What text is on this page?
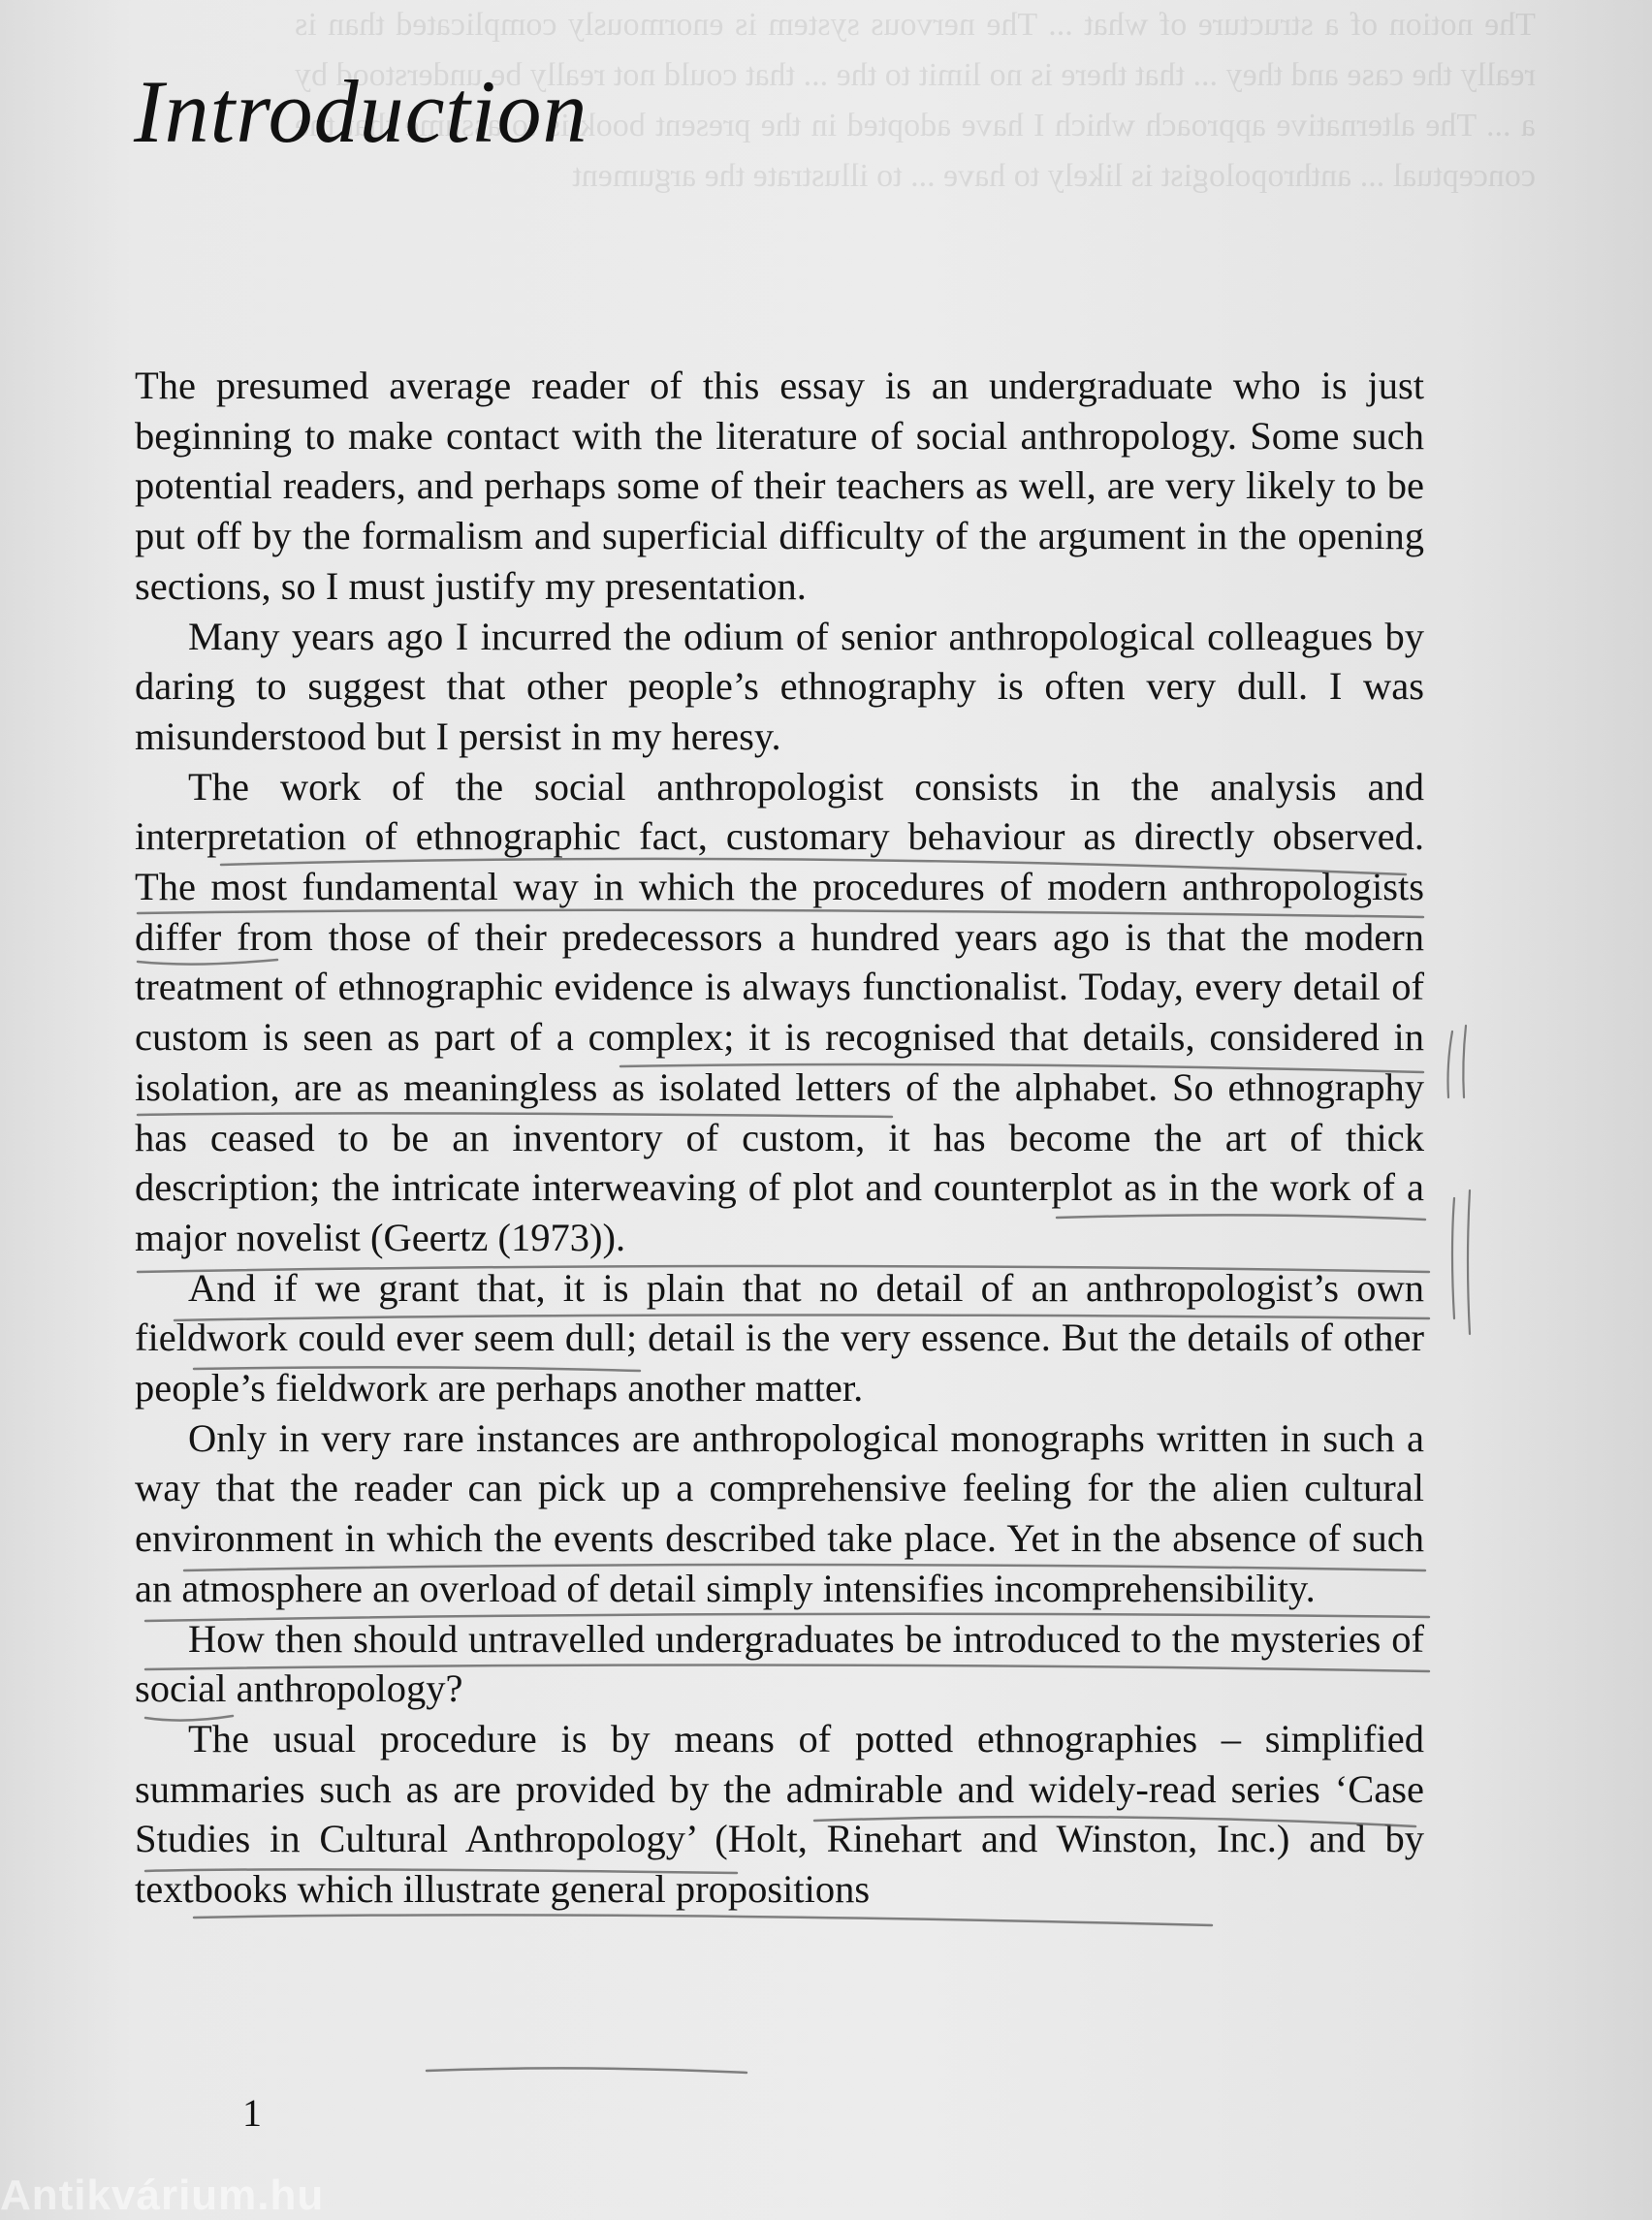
The notion of a structure of what ... The nervous system is enormously complicated than is really the case and they ... that there is no limit to the ... that could not really be understood by a ... The alternative approach which I have adopted in the present book is to assume that the conceptual ... anthropologist is likely to have ... to illustrate the argument
Introduction

The presumed average reader of this essay is an undergraduate who is just beginning to make contact with the literature of social anthropology. Some such potential readers, and perhaps some of their teachers as well, are very likely to be put off by the formalism and superficial difficulty of the argument in the opening sections, so I must justify my presentation.

Many years ago I incurred the odium of senior anthropological colleagues by daring to suggest that other people’s ethnography is often very dull. I was misunderstood but I persist in my heresy.

The work of the social anthropologist consists in the analysis and interpretation of ethnographic fact, customary behaviour as directly observed. The most fundamental way in which the procedures of modern anthropologists differ from those of their predecessors a hundred years ago is that the modern treatment of ethnographic evidence is always functionalist. Today, every detail of custom is seen as part of a complex; it is recognised that details, considered in isolation, are as meaningless as isolated letters of the alphabet. So ethnography has ceased to be an inventory of custom, it has become the art of thick description; the intricate interweaving of plot and counterplot as in the work of a major novelist (Geertz (1973)).

And if we grant that, it is plain that no detail of an anthropologist’s own fieldwork could ever seem dull; detail is the very essence. But the details of other people’s fieldwork are perhaps another matter.

Only in very rare instances are anthropological monographs written in such a way that the reader can pick up a comprehensive feeling for the alien cultural environment in which the events described take place. Yet in the absence of such an atmosphere an overload of detail simply intensifies incomprehensibility.

How then should untravelled undergraduates be introduced to the mysteries of social anthropology?

The usual procedure is by means of potted ethnographies – simplified summaries such as are provided by the admirable and widely-read series ‘Case Studies in Cultural Anthropology’ (Holt, Rinehart and Winston, Inc.) and by textbooks which illustrate general propositions

1
Antikvárium.hu
